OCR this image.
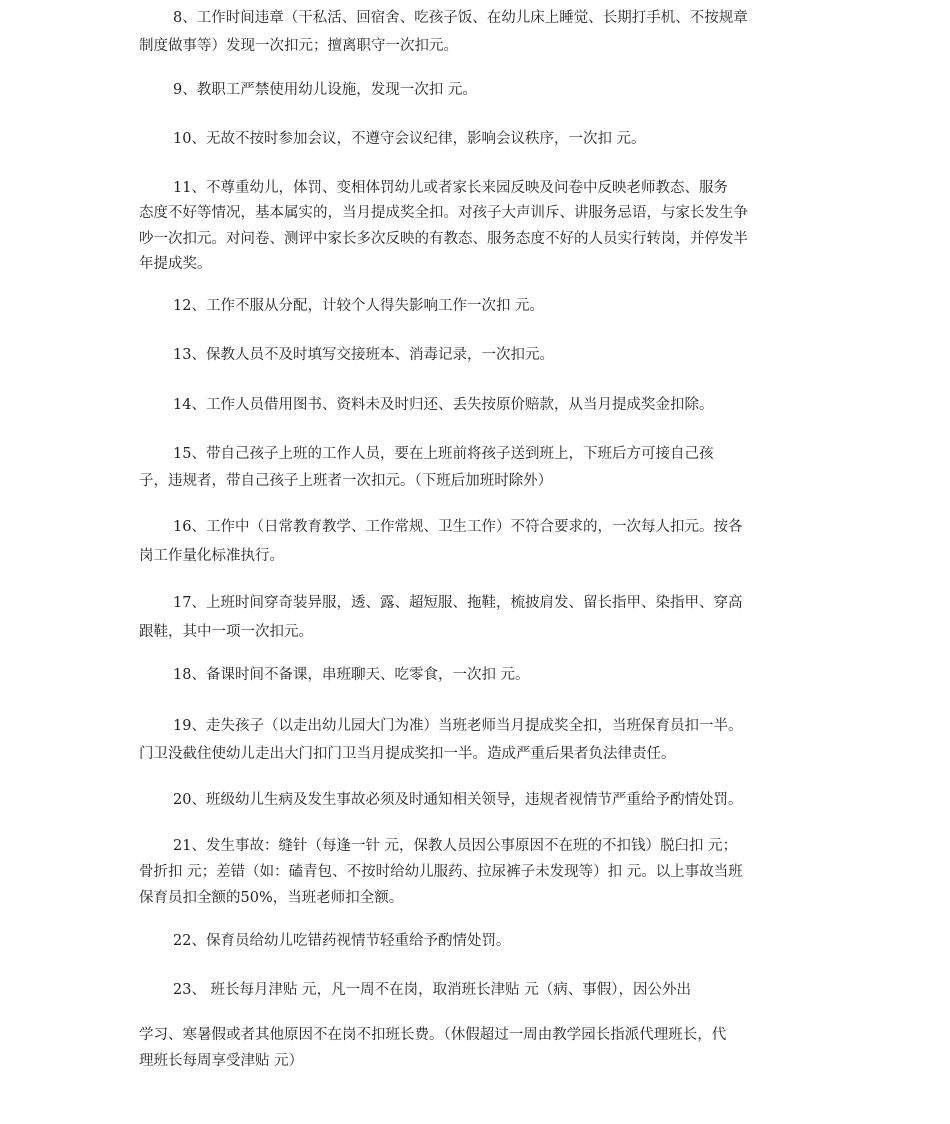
8、工作时间违章（干私活、回宿舍、吃孩子饭、在幼儿床上睡觉、长期打手机、不按规章
制度做事等）发现一次扣元；擅离职守一次扣元。
9、教职工严禁使用幼儿设施，发现一次扣 元。
10、无故不按时参加会议，不遵守会议纪律，影响会议秩序，一次扣 元。
11、不尊重幼儿，体罚、变相体罚幼儿或者家长来园反映及问卷中反映老师教态、服务
态度不好等情况，基本属实的，当月提成奖全扣。对孩子大声训斥、讲服务忌语，与家长发生争
吵一次扣元。对问卷、测评中家长多次反映的有教态、服务态度不好的人员实行转岗，并停发半
年提成奖。
12、工作不服从分配，计较个人得失影响工作一次扣 元。
13、保教人员不及时填写交接班本、消毒记录，一次扣元。
14、工作人员借用图书、资料未及时归还、丢失按原价赔款，从当月提成奖金扣除。
15、带自己孩子上班的工作人员，要在上班前将孩子送到班上，下班后方可接自己孩
子，违规者，带自己孩子上班者一次扣元。（下班后加班时除外）
16、工作中（日常教育教学、工作常规、卫生工作）不符合要求的，一次每人扣元。按各
岗工作量化标准执行。
17、上班时间穿奇装异服，透、露、超短服、拖鞋，梳披肩发、留长指甲、染指甲、穿高
跟鞋，其中一项一次扣元。
18、备课时间不备课，串班聊天、吃零食，一次扣 元。
19、走失孩子（以走出幼儿园大门为准）当班老师当月提成奖全扣，当班保育员扣一半。
门卫没截住使幼儿走出大门扣门卫当月提成奖扣一半。造成严重后果者负法律责任。
20、班级幼儿生病及发生事故必须及时通知相关领导，违规者视情节严重给予酌情处罚。
21、发生事故：缝针（每逢一针 元，保教人员因公事原因不在班的不扣钱）脱臼扣 元；
骨折扣 元；差错（如：磕青包、不按时给幼儿服药、拉尿裤子未发现等）扣 元。以上事故当班
保育员扣全额的50%，当班老师扣全额。
22、保育员给幼儿吃错药视情节轻重给予酌情处罚。
23、 班长每月津贴 元，凡一周不在岗，取消班长津贴 元（病、事假），因公外出
学习、寒暑假或者其他原因不在岗不扣班长费。（休假超过一周由教学园长指派代理班长，代
理班长每周享受津贴 元）
